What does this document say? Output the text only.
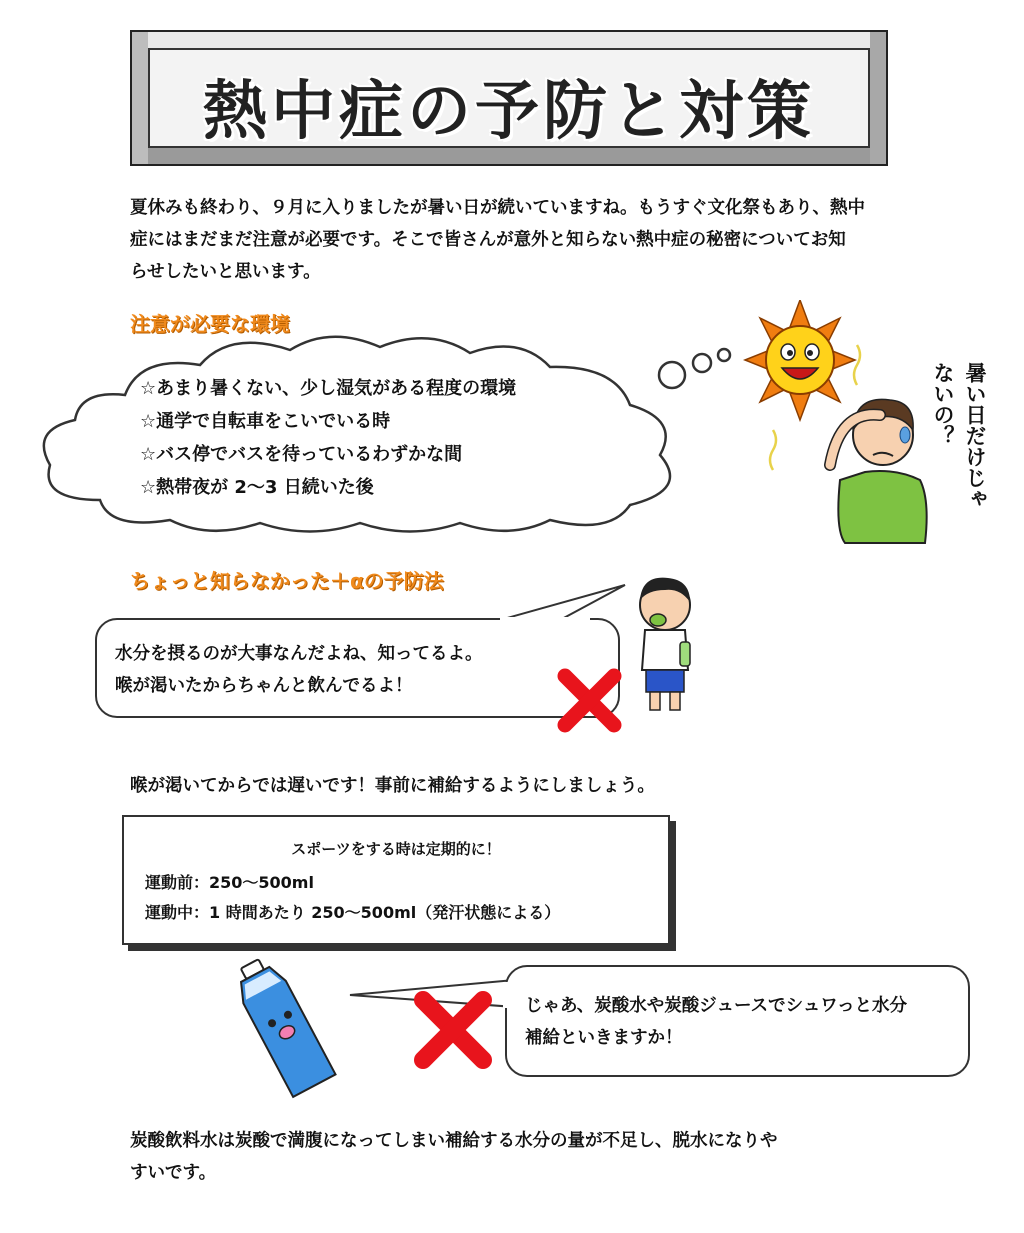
熱中症の予防と対策
夏休みも終わり、９月に入りましたが暑い日が続いていますね。もうすぐ文化祭もあり、熱中
症にはまだまだ注意が必要です。そこで皆さんが意外と知らない熱中症の秘密についてお知
らせしたいと思います。
注意が必要な環境
☆あまり暑くない、少し湿気がある程度の環境
☆通学で自転車をこいでいる時
☆バス停でバスを待っているわずかな間
☆熱帯夜が 2～3 日続いた後	暑い日だけじゃ
ないの？
ちょっと知らなかった＋αの予防法
水分を摂るのが大事なんだよね、知ってるよ。
喉が渇いたからちゃんと飲んでるよ！
喉が渇いてからでは遅いです！事前に補給するようにしましょう。
スポーツをする時は定期的に！
運動前：250～500ml
運動中：1 時間あたり 250～500ml（発汗状態による）
じゃあ、炭酸水や炭酸ジュースでシュワっと水分
補給といきますか！
炭酸飲料水は炭酸で満腹になってしまい補給する水分の量が不足し、脱水になりや
すいです。
